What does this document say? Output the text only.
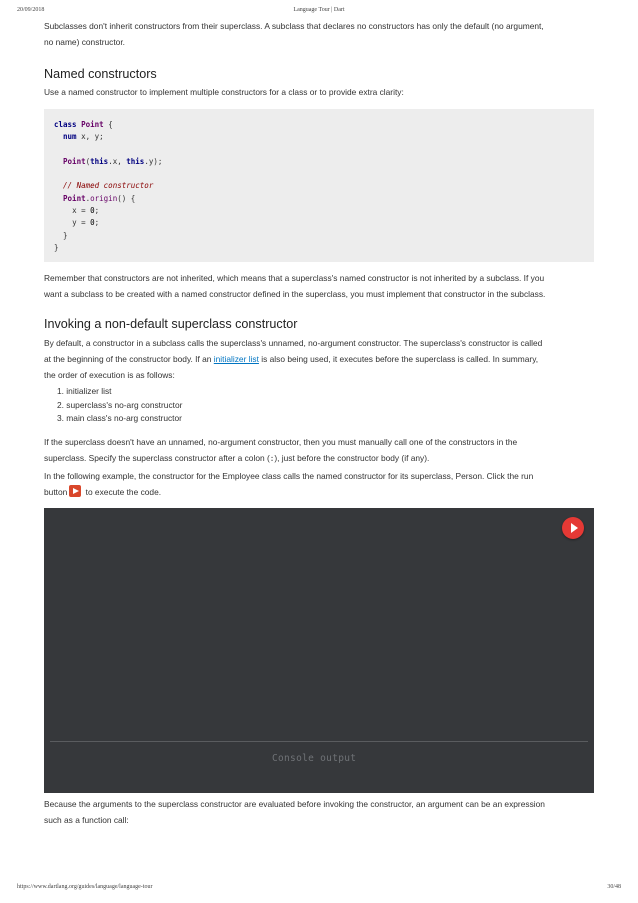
20/09/2018	Language Tour | Dart
Subclasses don't inherit constructors from their superclass. A subclass that declares no constructors has only the default (no argument,
no name) constructor.
Named constructors
Use a named constructor to implement multiple constructors for a class or to provide extra clarity:
class Point {
num x, y;
Point(this.x, this.y);
// Named constructor
Point.origin() {
x = 0;
y = 0;
}
}
Remember that constructors are not inherited, which means that a superclass's named constructor is not inherited by a subclass. If you
want a subclass to be created with a named constructor defined in the superclass, you must implement that constructor in the subclass.
Invoking a non-default superclass constructor
By default, a constructor in a subclass calls the superclass's unnamed, no-argument constructor. The superclass's constructor is called
at the beginning of the constructor body. If an initializer list is also being used, it executes before the superclass is called. In summary,
the order of execution is as follows:
1. initializer list
2. superclass's no-arg constructor
3. main class's no-arg constructor
If the superclass doesn't have an unnamed, no-argument constructor, then you must manually call one of the constructors in the
superclass. Specify the superclass constructor after a colon (:), just before the constructor body (if any).
In the following example, the constructor for the Employee class calls the named constructor for its superclass, Person. Click the run
button to execute the code.
Console output
Because the arguments to the superclass constructor are evaluated before invoking the constructor, an argument can be an expression
such as a function call:
https://www.dartlang.org/guides/language/language-tour	30/48
